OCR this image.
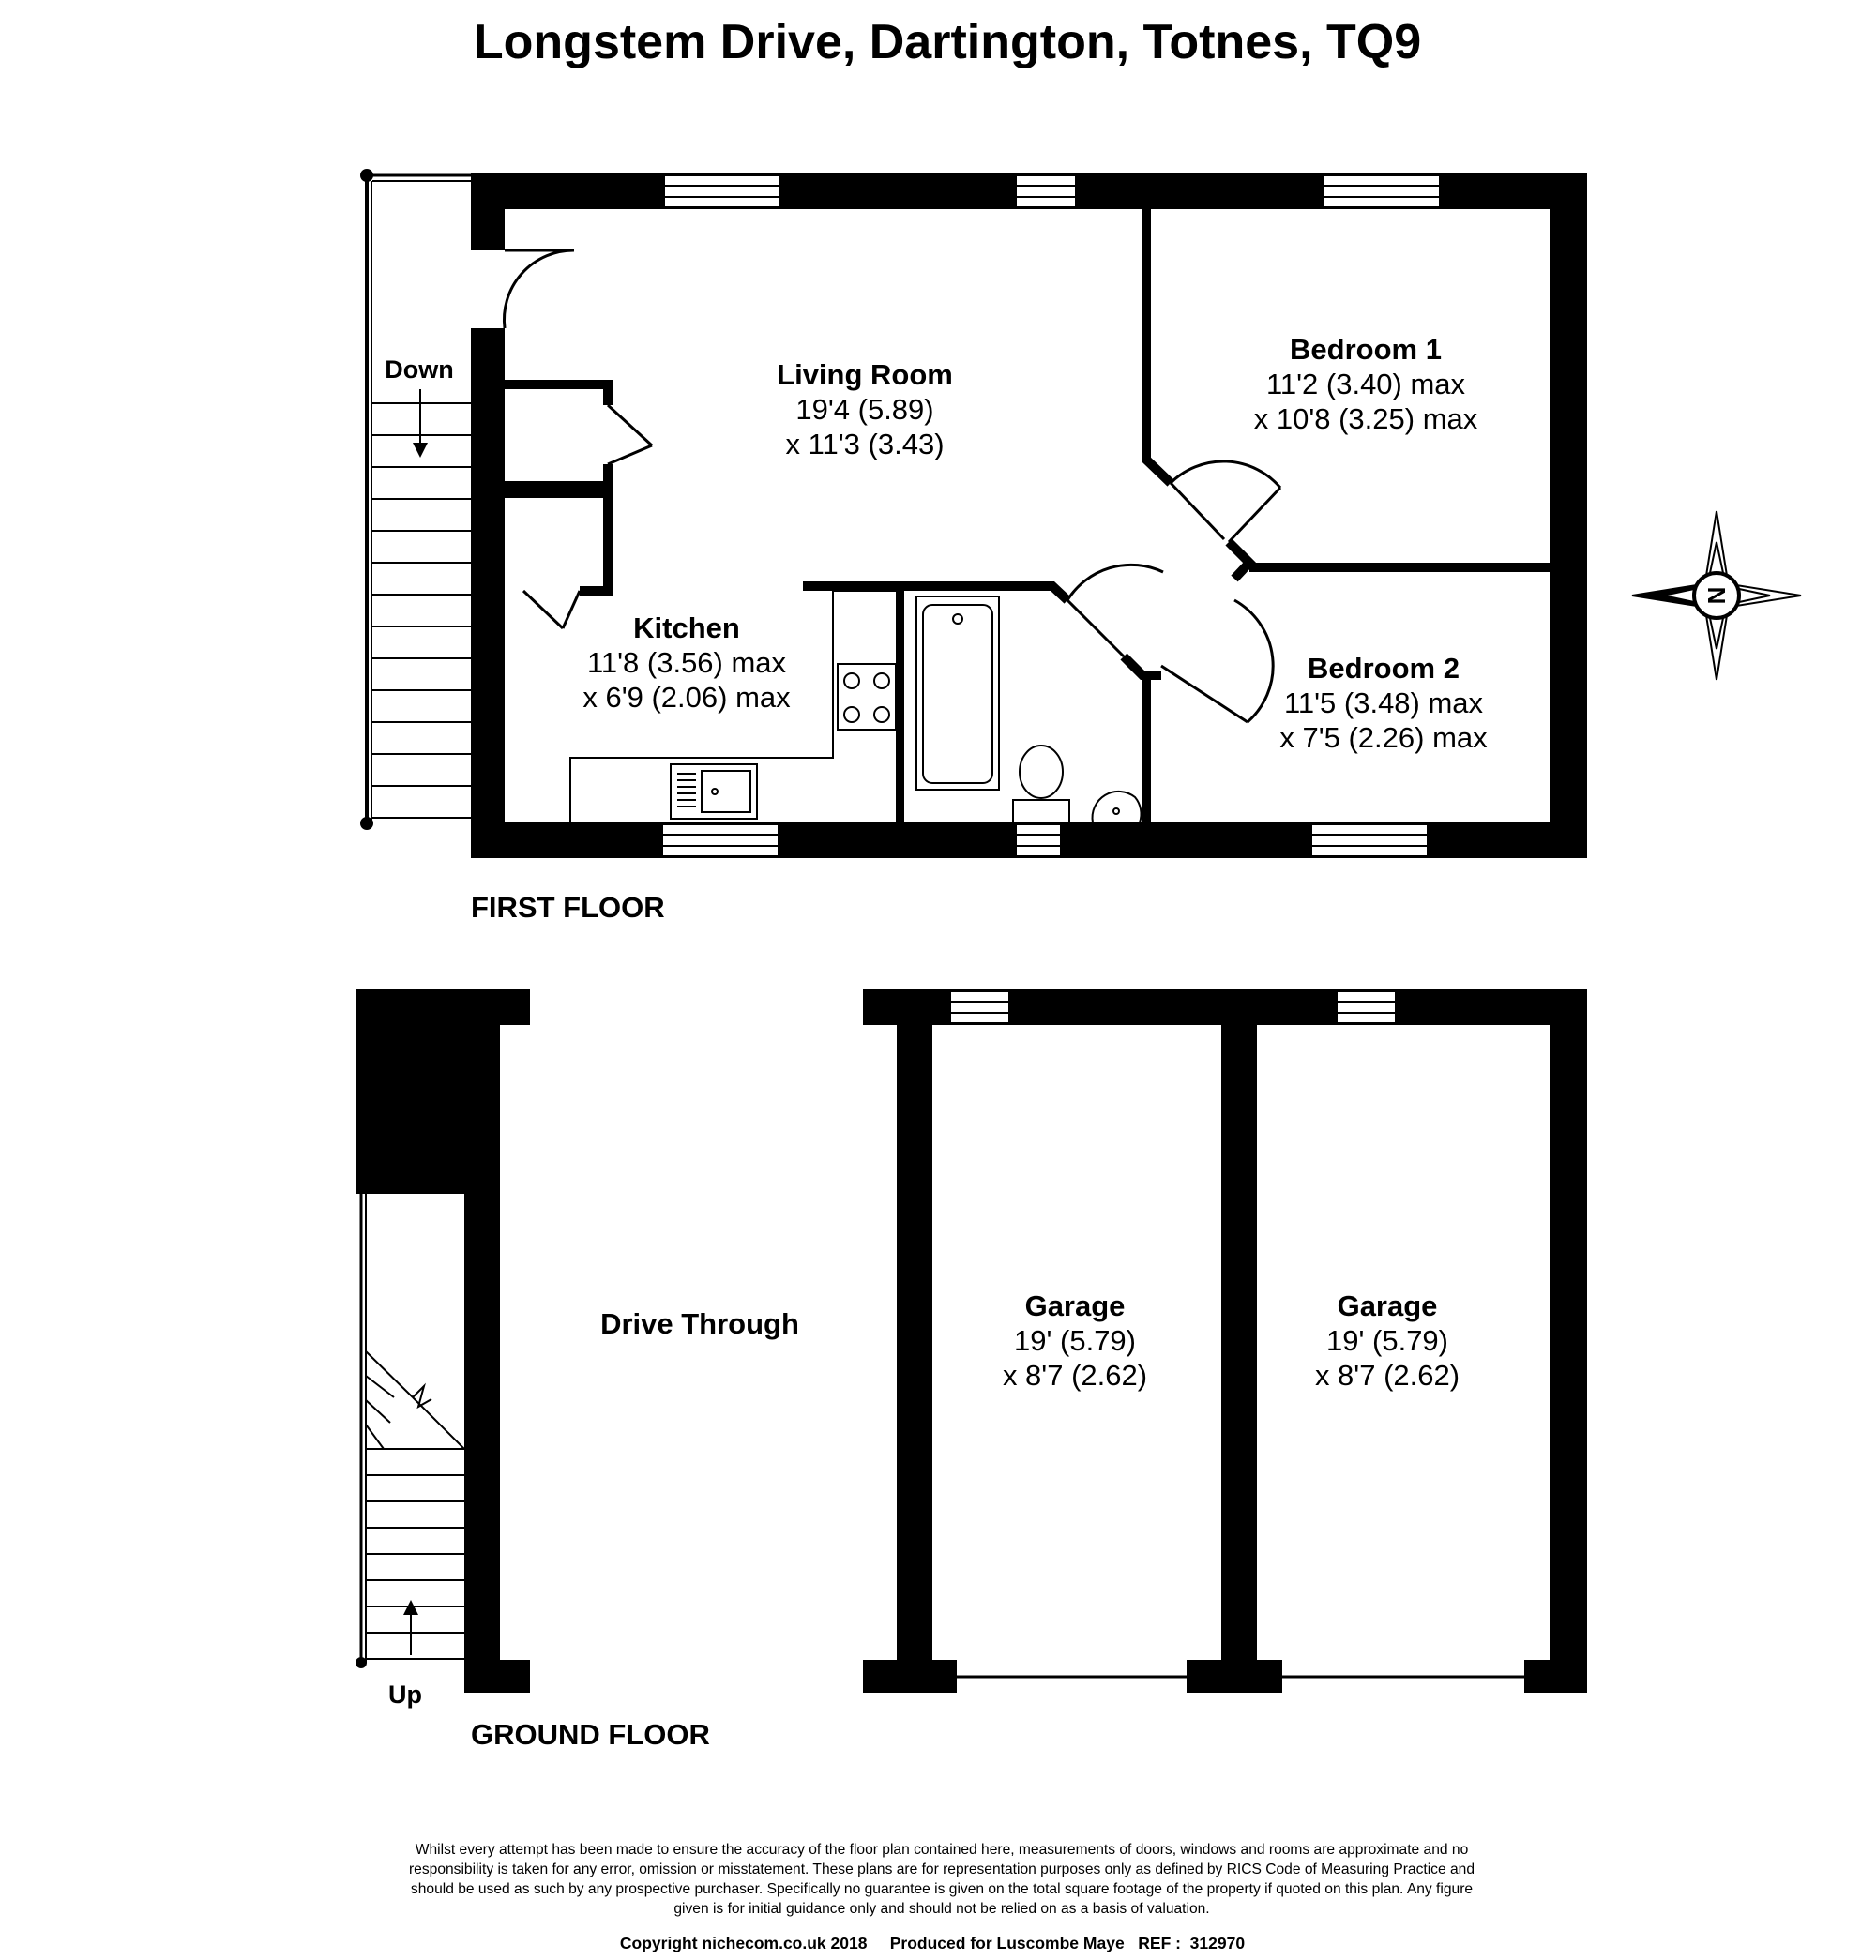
Longstem Drive, Dartington, Totnes, TQ9
Down	Living Room
19'4 (5.89)
x 11'3 (3.43)
Bedroom 1
11'2 (3.40) max
x 10'8 (3.25) max
Bedroom 2
11'5 (3.48) max
x 7'5 (2.26) max
Kitchen
11'8 (3.56) max
x 6'9 (2.06) max
FIRST FLOOR
N
Up
Drive Through
Garage
19' (5.79)
x 8'7 (2.62)
Garage
19' (5.79)
x 8'7 (2.62)
GROUND FLOOR
Whilst every attempt has been made to ensure the accuracy of the floor plan contained here, measurements of doors, windows and rooms are approximate and no
responsibility is taken for any error, omission or misstatement. These plans are for representation purposes only as defined by RICS Code of Measuring Practice and
should be used as such by any prospective purchaser. Specifically no guarantee is given on the total square footage of the property if quoted on this plan. Any figure
given is for initial guidance only and should not be relied on as a basis of valuation.
Copyright nichecom.co.uk 2018     Produced for Luscombe Maye   REF :  312970
